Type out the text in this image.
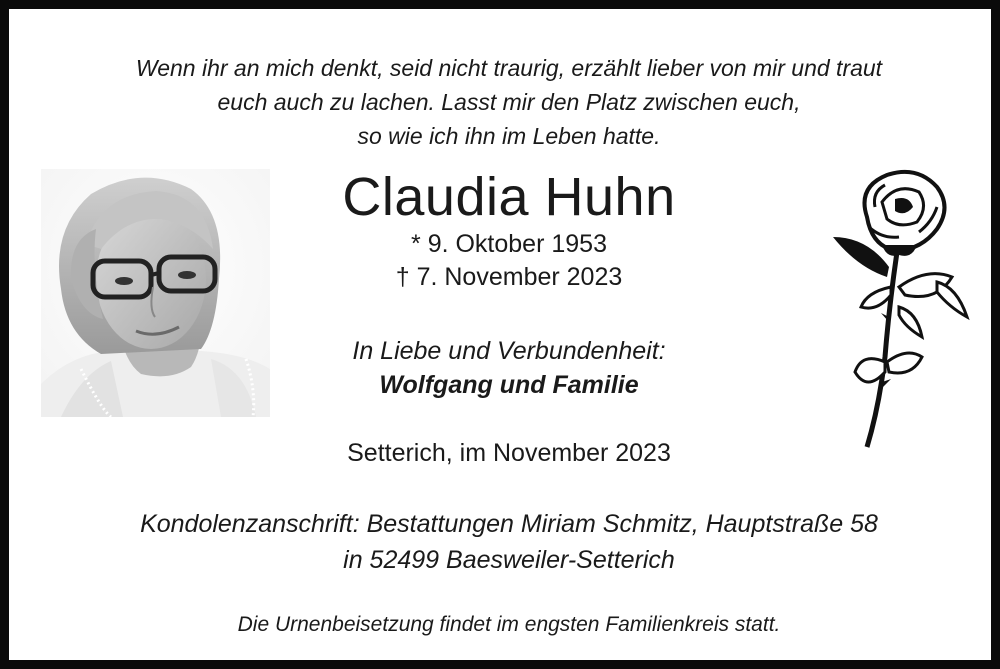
Wenn ihr an mich denkt, seid nicht traurig, erzählt lieber von mir und traut
euch auch zu lachen. Lasst mir den Platz zwischen euch,
so wie ich ihn im Leben hatte.
Claudia Huhn
* 9. Oktober 1953
† 7. November 2023
In Liebe und Verbundenheit:
Wolfgang und Familie
Setterich, im November 2023
Kondolenzanschrift: Bestattungen Miriam Schmitz, Hauptstraße 58
in 52499 Baesweiler-Setterich
Die Urnenbeisetzung findet im engsten Familienkreis statt.
